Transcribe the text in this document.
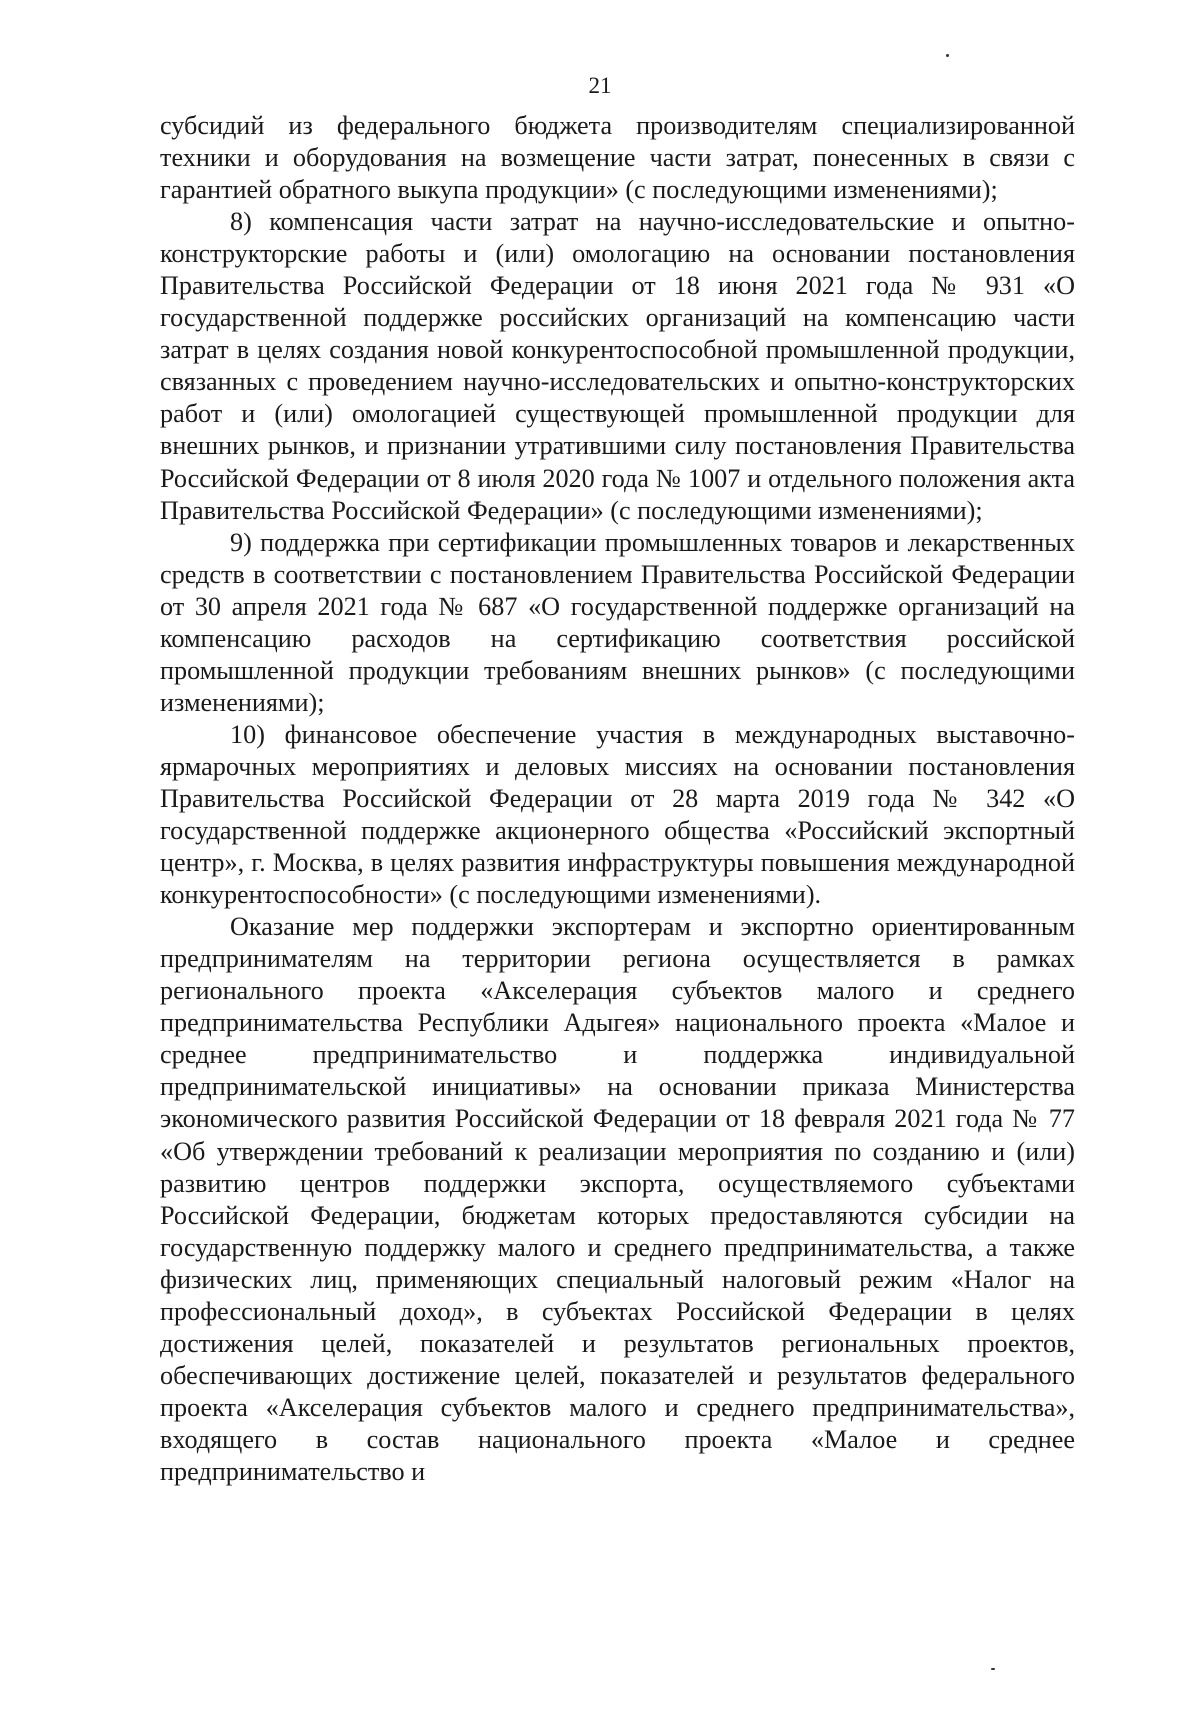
21

субсидий из федерального бюджета производителям специализированной техники и оборудования на возмещение части затрат, понесенных в связи с гарантией обратного выкупа продукции» (с последующими изменениями);

8) компенсация части затрат на научно-исследовательские и опытно-конструкторские работы и (или) омологацию на основании постановления Правительства Российской Федерации от 18 июня 2021 года № 931 «О государственной поддержке российских организаций на компенсацию части затрат в целях создания новой конкурентоспособной промышленной продукции, связанных с проведением научно-исследовательских и опытно-конструкторских работ и (или) омологацией существующей промышленной продукции для внешних рынков, и признании утратившими силу постановления Правительства Российской Федерации от 8 июля 2020 года № 1007 и отдельного положения акта Правительства Российской Федерации» (с последующими изменениями);

9) поддержка при сертификации промышленных товаров и лекарственных средств в соответствии с постановлением Правительства Российской Федерации от 30 апреля 2021 года № 687 «О государственной поддержке организаций на компенсацию расходов на сертификацию соответствия российской промышленной продукции требованиям внешних рынков» (с последующими изменениями);

10) финансовое обеспечение участия в международных выставочно-ярмарочных мероприятиях и деловых миссиях на основании постановления Правительства Российской Федерации от 28 марта 2019 года № 342 «О государственной поддержке акционерного общества «Российский экспортный центр», г. Москва, в целях развития инфраструктуры повышения международной конкурентоспособности» (с последующими изменениями).

Оказание мер поддержки экспортерам и экспортно ориентированным предпринимателям на территории региона осуществляется в рамках регионального проекта «Акселерация субъектов малого и среднего предпринимательства Республики Адыгея» национального проекта «Малое и среднее предпринимательство и поддержка индивидуальной предпринимательской инициативы» на основании приказа Министерства экономического развития Российской Федерации от 18 февраля 2021 года № 77 «Об утверждении требований к реализации мероприятия по созданию и (или) развитию центров поддержки экспорта, осуществляемого субъектами Российской Федерации, бюджетам которых предоставляются субсидии на государственную поддержку малого и среднего предпринимательства, а также физических лиц, применяющих специальный налоговый режим «Налог на профессиональный доход», в субъектах Российской Федерации в целях достижения целей, показателей и результатов региональных проектов, обеспечивающих достижение целей, показателей и результатов федерального проекта «Акселерация субъектов малого и среднего предпринимательства», входящего в состав национального проекта «Малое и среднее предпринимательство и
